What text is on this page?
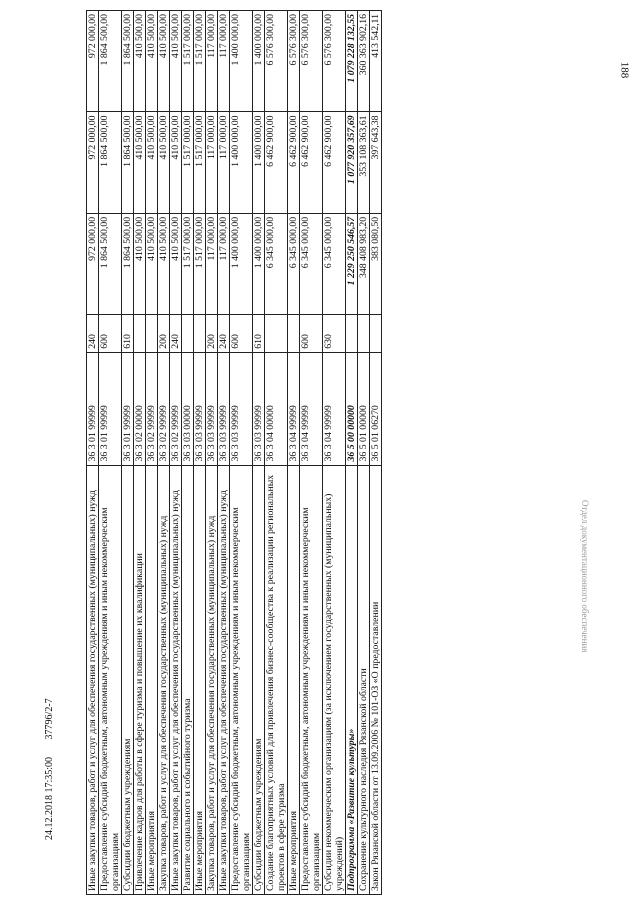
188
Иные закупки товаров, работ и услуг для обеспечения государственных (муниципальных) нужд	36 3 01 99999	240	972 000,00	972 000,00	972 000,00
Предоставление субсидий бюджетным, автономным учреждениям и иным некоммерческим организациям	36 3 01 99999	600	1 864 500,00	1 864 500,00	1 864 500,00
Субсидии бюджетным учреждениям	36 3 01 99999	610	1 864 500,00	1 864 500,00	1 864 500,00
Привлечение кадров для работы в сфере туризма и повышение их квалификации	36 3 02 00000		410 500,00	410 500,00	410 500,00
Иные мероприятия	36 3 02 99999		410 500,00	410 500,00	410 500,00
Закупка товаров, работ и услуг для обеспечения государственных (муниципальных) нужд	36 3 02 99999	200	410 500,00	410 500,00	410 500,00
Иные закупки товаров, работ и услуг для обеспечения государственных (муниципальных) нужд	36 3 02 99999	240	410 500,00	410 500,00	410 500,00
Развитие социального и событийного туризма	36 3 03 00000		1 517 000,00	1 517 000,00	1 517 000,00
Иные мероприятия	36 3 03 99999		1 517 000,00	1 517 000,00	1 517 000,00
Закупка товаров, работ и услуг для обеспечения государственных (муниципальных) нужд	36 3 03 99999	200	117 000,00	117 000,00	117 000,00
Иные закупки товаров, работ и услуг для обеспечения государственных (муниципальных) нужд	36 3 03 99999	240	117 000,00	117 000,00	117 000,00
Предоставление субсидий бюджетным, автономным учреждениям и иным некоммерческим организациям	36 3 03 99999	600	1 400 000,00	1 400 000,00	1 400 000,00
Субсидии бюджетным учреждениям	36 3 03 99999	610	1 400 000,00	1 400 000,00	1 400 000,00
Создание благоприятных условий для привлечения бизнес-сообщества к реализации региональных проектов в сфере туризма	36 3 04 00000		6 345 000,00	6 462 900,00	6 576 300,00
Иные мероприятия	36 3 04 99999		6 345 000,00	6 462 900,00	6 576 300,00
Предоставление субсидий бюджетным, автономным учреждениям и иным некоммерческим организациям	36 3 04 99999	600	6 345 000,00	6 462 900,00	6 576 300,00
Субсидии некоммерческим организациям (за исключением государственных (муниципальных) учреждений)	36 3 04 99999	630	6 345 000,00	6 462 900,00	6 576 300,00
Подпрограмма «Развитие культуры»	36 5 00 00000		1 229 250 546,57	1 077 920 357,69	1 079 228 132,55
Сохранение культурного наследия Рязанской области	36 5 01 00000		348 408 983,20	353 108 363,61	360 363 902,16
Закон Рязанской области от 13.09.2006 № 101-ОЗ «О предоставлении	36 5 01 06270		383 080,50	397 643,38	413 542,11
24.12.2018 17:35:00       37796/2-7
Отдел документационного обеспечения
